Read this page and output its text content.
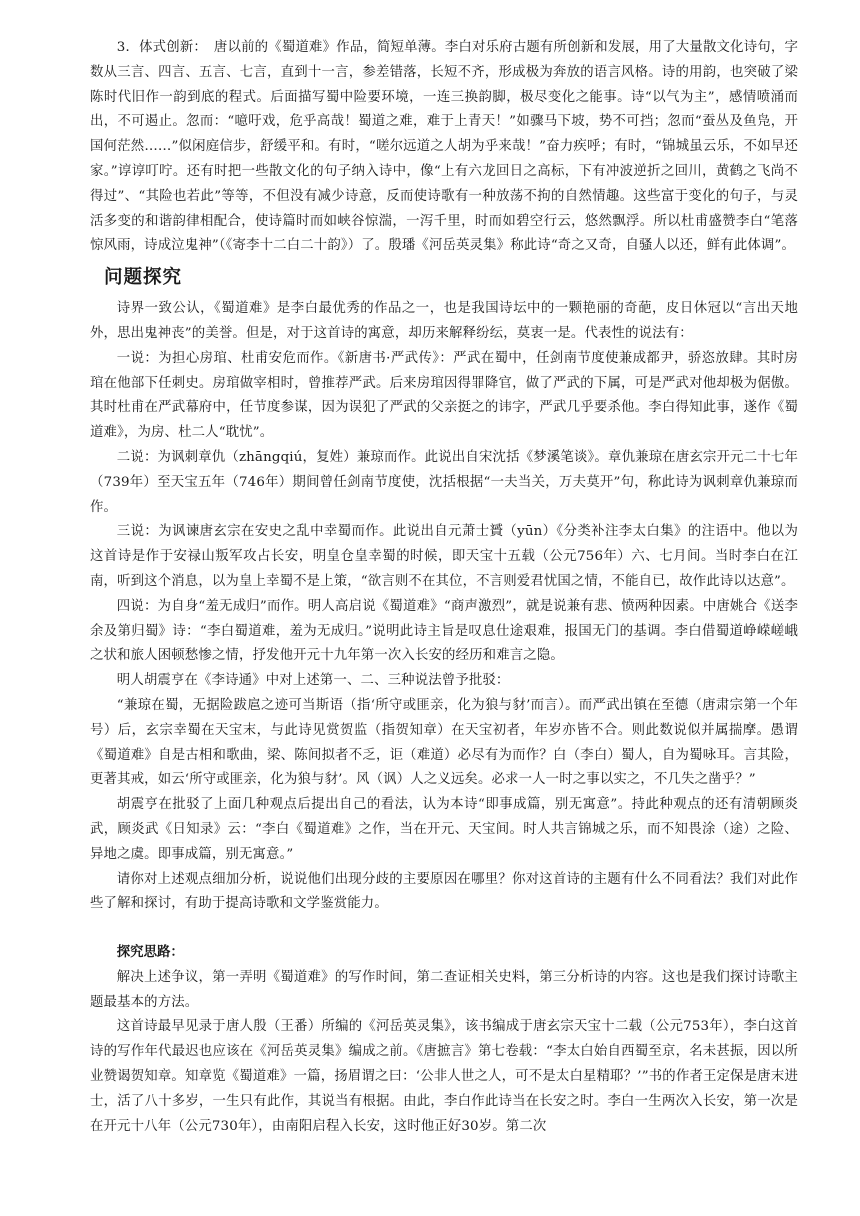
3．体式创新：　唐以前的《蜀道难》作品，简短单薄。李白对乐府古题有所创新和发展，用了大量散文化诗句，字数从三言、四言、五言、七言，直到十一言，参差错落，长短不齐，形成极为奔放的语言风格。诗的用韵，也突破了梁陈时代旧作一韵到底的程式。后面描写蜀中险要环境，一连三换韵脚，极尽变化之能事。诗“以气为主”，感情喷涌而出，不可遏止。忽而：“噫吁戏，危乎高哉！蜀道之难，难于上青天！”如骤马下坡，势不可挡；忽而“蚕丛及鱼凫，开国何茫然……”似闲庭信步，舒缓平和。有时，“嗟尔远道之人胡为乎来哉！”奋力疾呼；有时，“锦城虽云乐，不如早还家。”谆谆叮咛。还有时把一些散文化的句子纳入诗中，像“上有六龙回日之高标，下有冲波逆折之回川，黄鹤之飞尚不得过”、“其险也若此”等等，不但没有减少诗意，反而使诗歌有一种放荡不拘的自然情趣。这些富于变化的句子，与灵活多变的和谐韵律相配合，使诗篇时而如峡谷惊湍，一泻千里，时而如碧空行云，悠然飘浮。所以杜甫盛赞李白“笔落惊风雨，诗成泣鬼神”（《寄李十二白二十韵》）了。殷璠《河岳英灵集》称此诗“奇之又奇，自骚人以还，鲜有此体调”。

问题探究

诗界一致公认，《蜀道难》是李白最优秀的作品之一，也是我国诗坛中的一颗艳丽的奇葩，皮日休冠以“言出天地外，思出鬼神丧”的美誉。但是，对于这首诗的寓意，却历来解释纷纭，莫衷一是。代表性的说法有：

一说：为担心房琯、杜甫安危而作。《新唐书·严武传》：严武在蜀中，任剑南节度使兼成都尹，骄恣放肆。其时房琯在他部下任刺史。房琯做宰相时，曾推荐严武。后来房琯因得罪降官，做了严武的下属，可是严武对他却极为倨傲。其时杜甫在严武幕府中，任节度参谋，因为误犯了严武的父亲挺之的讳字，严武几乎要杀他。李白得知此事，遂作《蜀道难》，为房、杜二人“耽忧”。

二说：为讽刺章仇（zhāngqiú，复姓）兼琼而作。此说出自宋沈括《梦溪笔谈》。章仇兼琼在唐玄宗开元二十七年（739年）至天宝五年（746年）期间曾任剑南节度使，沈括根据“一夫当关，万夫莫开”句，称此诗为讽刺章仇兼琼而作。

三说：为讽谏唐玄宗在安史之乱中幸蜀而作。此说出自元萧士贇（yūn）《分类补注李太白集》的注语中。他以为这首诗是作于安禄山叛军攻占长安，明皇仓皇幸蜀的时候，即天宝十五载（公元756年）六、七月间。当时李白在江南，听到这个消息，以为皇上幸蜀不是上策，“欲言则不在其位，不言则爱君忧国之情，不能自已，故作此诗以达意”。

四说：为自身“羞无成归”而作。明人高启说《蜀道难》“商声激烈”，就是说兼有悲、愤两种因素。中唐姚合《送李余及第归蜀》诗：“李白蜀道难，羞为无成归。”说明此诗主旨是叹息仕途艰难，报国无门的基调。李白借蜀道峥嵘嵯峨之状和旅人困顿愁惨之情，抒发他开元十九年第一次入长安的经历和难言之隐。

明人胡震亨在《李诗通》中对上述第一、二、三种说法曾予批驳：

“兼琼在蜀，无据险跋扈之迹可当斯语（指‘所守或匪亲，化为狼与豺’而言）。而严武出镇在至德（唐肃宗第一个年号）后，玄宗幸蜀在天宝末，与此诗见赏贺监（指贺知章）在天宝初者，年岁亦皆不合。则此数说似并属揣摩。愚谓《蜀道难》自是古相和歌曲，梁、陈间拟者不乏，讵（难道）必尽有为而作？白（李白）蜀人，自为蜀咏耳。言其险，更著其戒，如云‘所守或匪亲，化为狼与豺’。风（讽）人之义远矣。必求一人一时之事以实之，不几失之凿乎？”

胡震亨在批驳了上面几种观点后提出自己的看法，认为本诗“即事成篇，别无寓意”。持此种观点的还有清朝顾炎武，顾炎武《日知录》云：“李白《蜀道难》之作，当在开元、天宝间。时人共言锦城之乐，而不知畏涂（途）之险、异地之虞。即事成篇，别无寓意。”

请你对上述观点细加分析，说说他们出现分歧的主要原因在哪里？你对这首诗的主题有什么不同看法？我们对此作些了解和探讨，有助于提高诗歌和文学鉴赏能力。

探究思路：

解决上述争议，第一弄明《蜀道难》的写作时间，第二查证相关史料，第三分析诗的内容。这也是我们探讨诗歌主题最基本的方法。

这首诗最早见录于唐人殷（王番）所编的《河岳英灵集》，该书编成于唐玄宗天宝十二载（公元753年），李白这首诗的写作年代最迟也应该在《河岳英灵集》编成之前。《唐摭言》第七卷载：“李太白始自西蜀至京，名未甚振，因以所业赞谒贺知章。知章览《蜀道难》一篇，扬眉谓之曰：‘公非人世之人，可不是太白星精耶？’”书的作者王定保是唐末进士，活了八十多岁，一生只有此作，其说当有根据。由此，李白作此诗当在长安之时。李白一生两次入长安，第一次是在开元十八年（公元730年），由南阳启程入长安，这时他正好30岁。第二次
